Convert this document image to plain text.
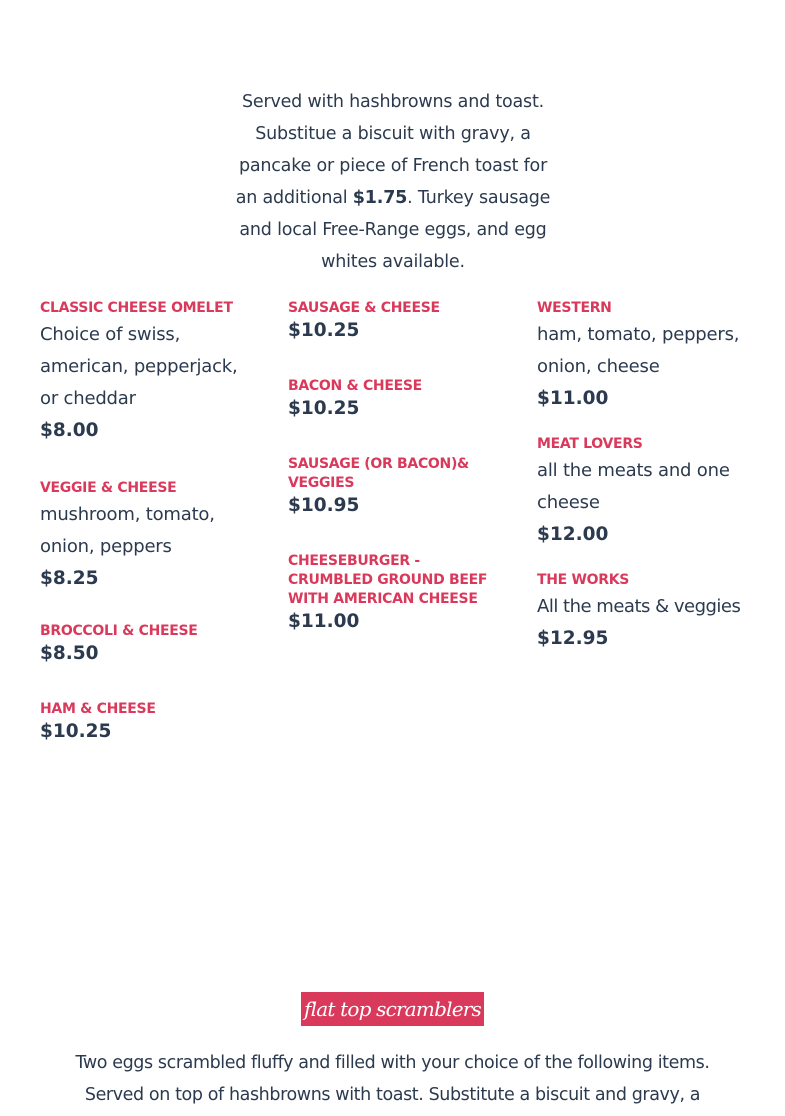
Served with hashbrowns and toast.
Substitue a biscuit with gravy, a
pancake or piece of French toast for
an additional $1.75. Turkey sausage
and local Free-Range eggs, and egg
whites available.
CLASSIC CHEESE OMELET
Choice of swiss, american, pepperjack, or cheddar
$8.00
VEGGIE & CHEESE
mushroom, tomato, onion, peppers
$8.25
BROCCOLI & CHEESE
$8.50
HAM & CHEESE
$10.25
SAUSAGE & CHEESE
$10.25
BACON & CHEESE
$10.25
SAUSAGE (OR BACON)& VEGGIES
$10.95
CHEESEBURGER - CRUMBLED GROUND BEEF WITH AMERICAN CHEESE
$11.00
WESTERN
ham, tomato, peppers, onion, cheese
$11.00
MEAT LOVERS
all the meats and one cheese
$12.00
THE WORKS
All the meats & veggies
$12.95
flat top scramblers
Two eggs scrambled fluffy and filled with your choice of the following items.
Served on top of hashbrowns with toast. Substitute a biscuit and gravy, a
